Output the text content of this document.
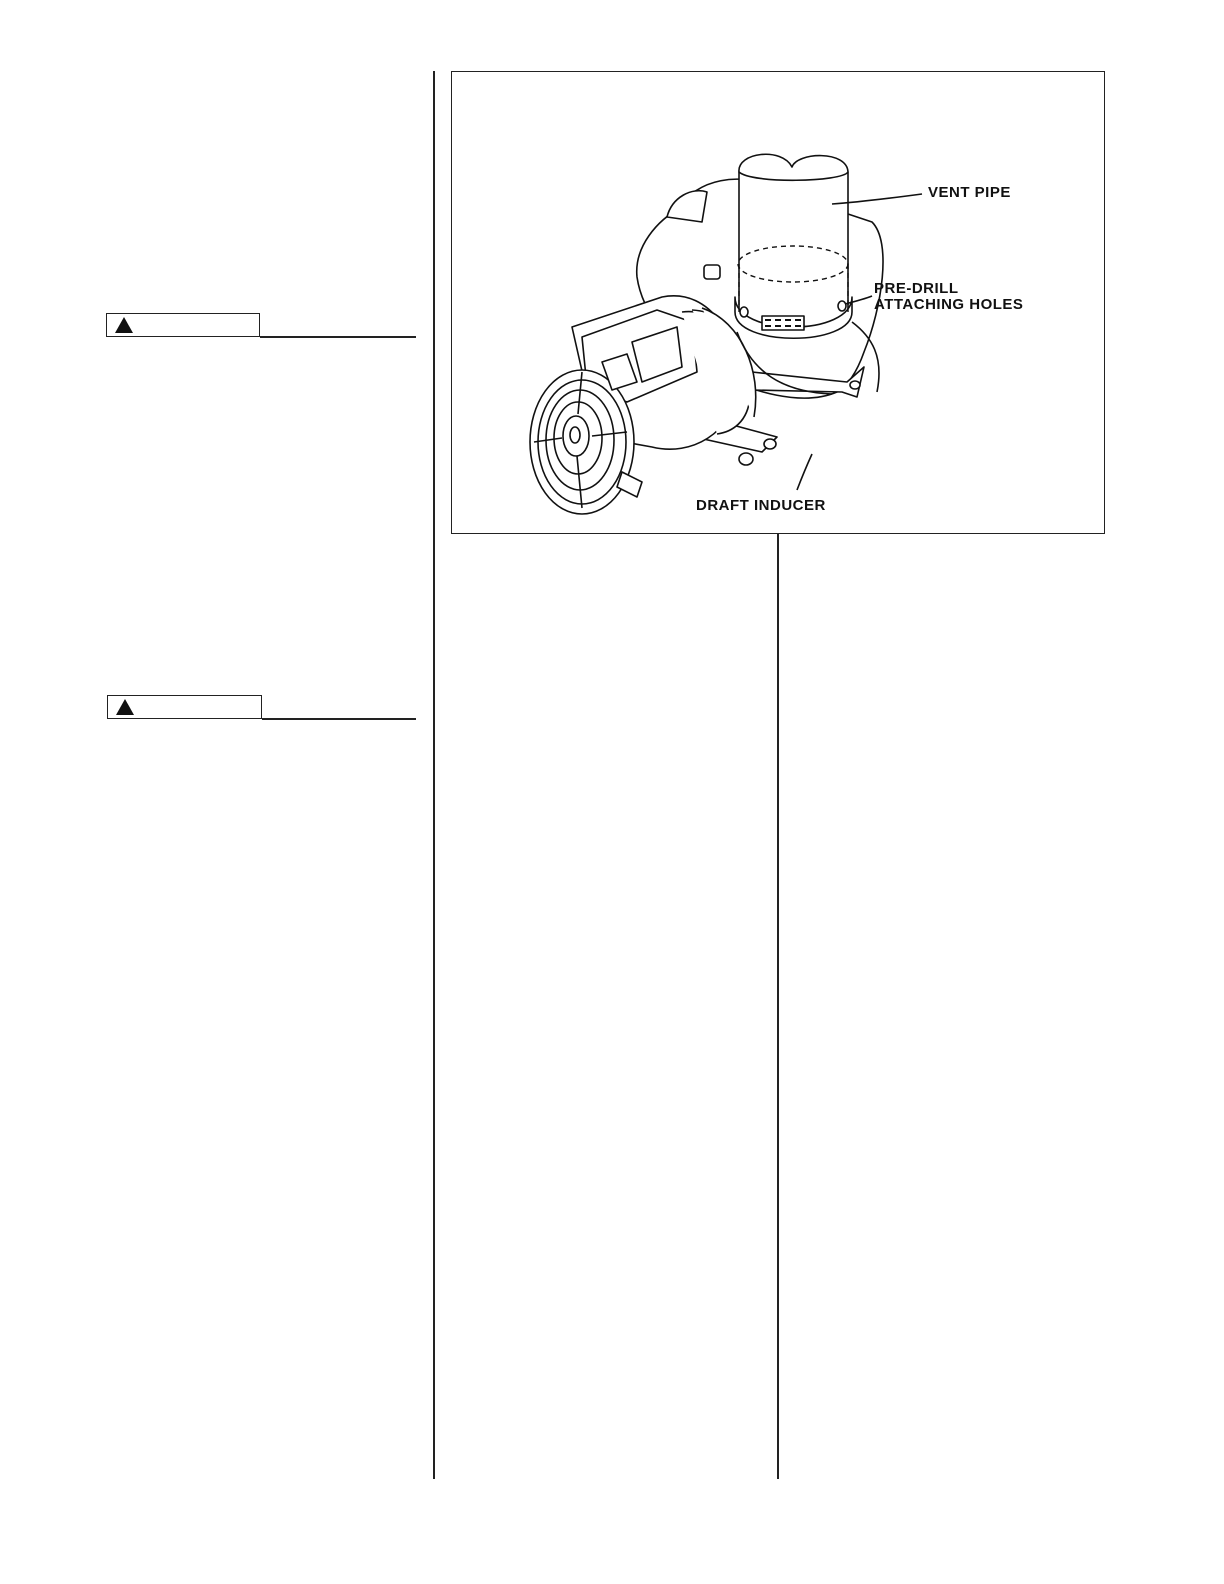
VENT PIPE
PRE-DRILL
ATTACHING HOLES
DRAFT INDUCER
